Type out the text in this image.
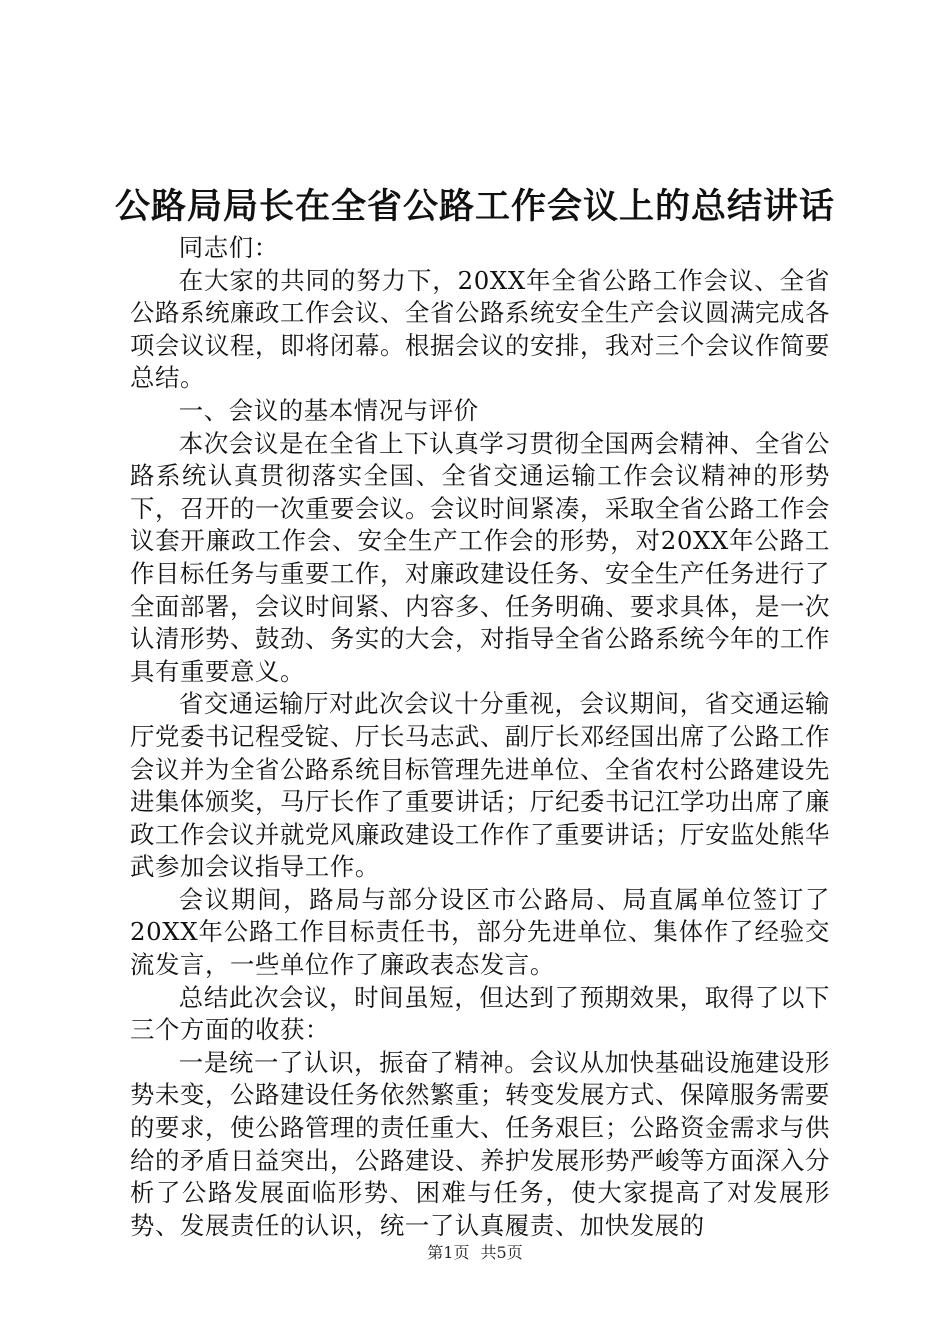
公路局局长在全省公路工作会议上的总结讲话

同志们：

在大家的共同的努力下，20XX年全省公路工作会议、全省公路系统廉政工作会议、全省公路系统安全生产会议圆满完成各项会议议程，即将闭幕。根据会议的安排，我对三个会议作简要总结。

一、会议的基本情况与评价

本次会议是在全省上下认真学习贯彻全国两会精神、全省公路系统认真贯彻落实全国、全省交通运输工作会议精神的形势下，召开的一次重要会议。会议时间紧凑，采取全省公路工作会议套开廉政工作会、安全生产工作会的形势，对20XX年公路工作目标任务与重要工作，对廉政建设任务、安全生产任务进行了全面部署，会议时间紧、内容多、任务明确、要求具体，是一次认清形势、鼓劲、务实的大会，对指导全省公路系统今年的工作具有重要意义。

省交通运输厅对此次会议十分重视，会议期间，省交通运输厅党委书记程受锭、厅长马志武、副厅长邓经国出席了公路工作会议并为全省公路系统目标管理先进单位、全省农村公路建设先进集体颁奖，马厅长作了重要讲话；厅纪委书记江学功出席了廉政工作会议并就党风廉政建设工作作了重要讲话；厅安监处熊华武参加会议指导工作。

会议期间，路局与部分设区市公路局、局直属单位签订了20XX年公路工作目标责任书，部分先进单位、集体作了经验交流发言，一些单位作了廉政表态发言。

总结此次会议，时间虽短，但达到了预期效果，取得了以下三个方面的收获：

一是统一了认识，振奋了精神。会议从加快基础设施建设形势未变，公路建设任务依然繁重；转变发展方式、保障服务需要的要求，使公路管理的责任重大、任务艰巨；公路资金需求与供给的矛盾日益突出，公路建设、养护发展形势严峻等方面深入分析了公路发展面临形势、困难与任务，使大家提高了对发展形势、发展责任的认识，统一了认真履责、加快发展的

第1页 共5页
